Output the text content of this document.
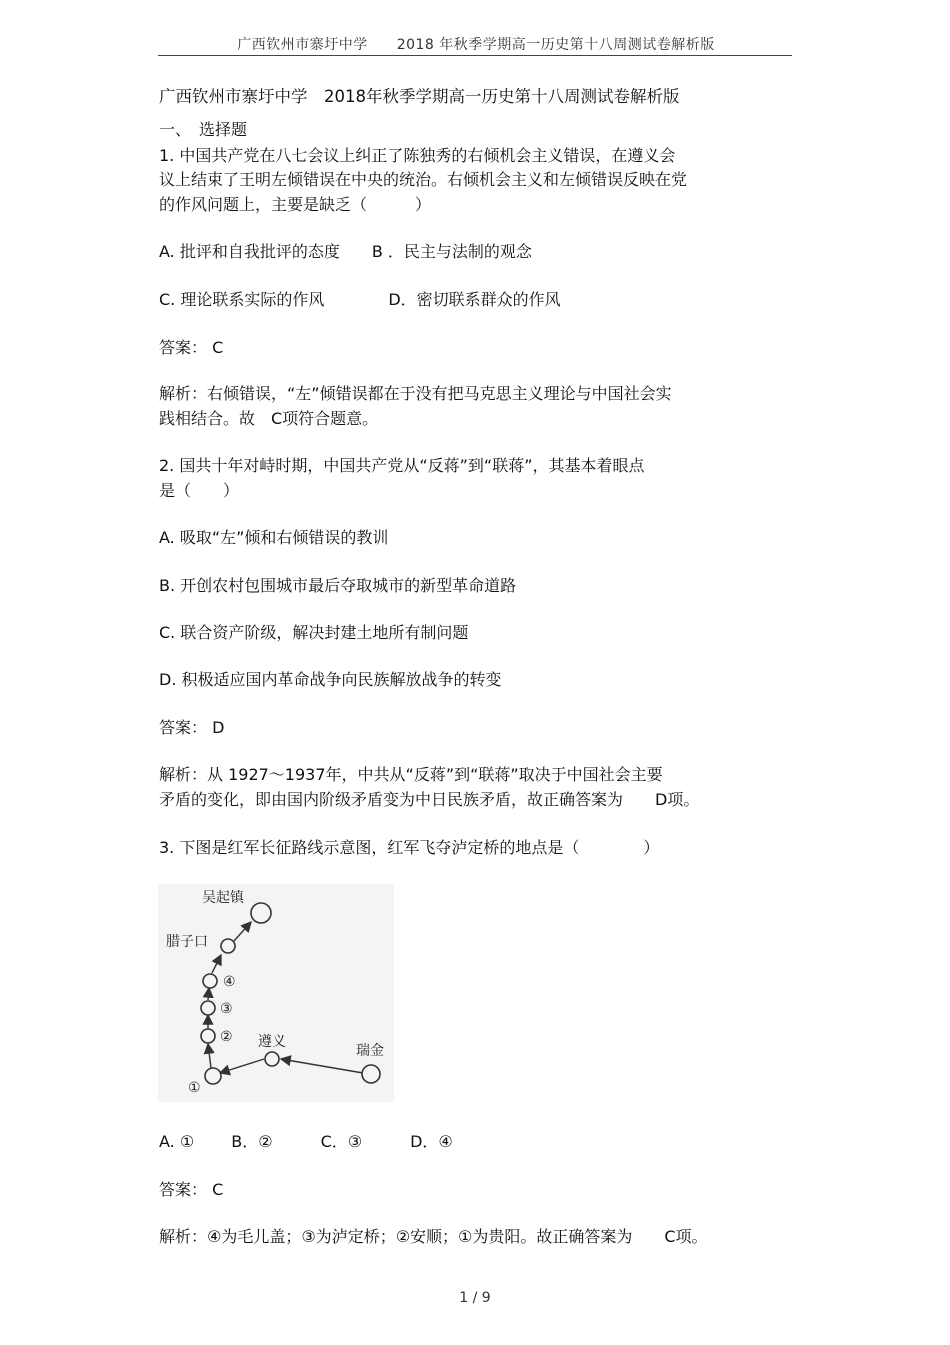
广西钦州市寨圩中学　　2018 年秋季学期高一历史第十八周测试卷解析版
广西钦州市寨圩中学　2018年秋季学期高一历史第十八周测试卷解析版
一、　选择题
1. 中国共产党在八七会议上纠正了陈独秀的右倾机会主义错误，在遵义会
议上结束了王明左倾错误在中央的统治。右倾机会主义和左倾错误反映在党
的作风问题上，主要是缺乏（　　　）
A. 批评和自我批评的态度　　B ．民主与法制的观念
C. 理论联系实际的作风　　　　D．密切联系群众的作风
答案： C
解析：右倾错误，“左”倾错误都在于没有把马克思主义理论与中国社会实
践相结合。故　C项符合题意。
2. 国共十年对峙时期，中国共产党从“反蒋”到“联蒋”，其基本着眼点
是（　　）
A. 吸取“左”倾和右倾错误的教训
B. 开创农村包围城市最后夺取城市的新型革命道路
C. 联合资产阶级，解决封建土地所有制问题
D. 积极适应国内革命战争向民族解放战争的转变
答案： D
解析：从 1927～1937年，中共从“反蒋”到“联蒋”取决于中国社会主要
矛盾的变化，即由国内阶级矛盾变为中日民族矛盾，故正确答案为　　D项。
3. 下图是红军长征路线示意图，红军飞夺泸定桥的地点是（　　　　）
吴起镇
腊子口
遵义
瑞金
①
②
③
④
A. ①　　 B．②　　　C．③　　　D．④
答案： C
解析：④为毛儿盖；③为泸定桥；②安顺；①为贵阳。故正确答案为　　C项。
1 / 9
